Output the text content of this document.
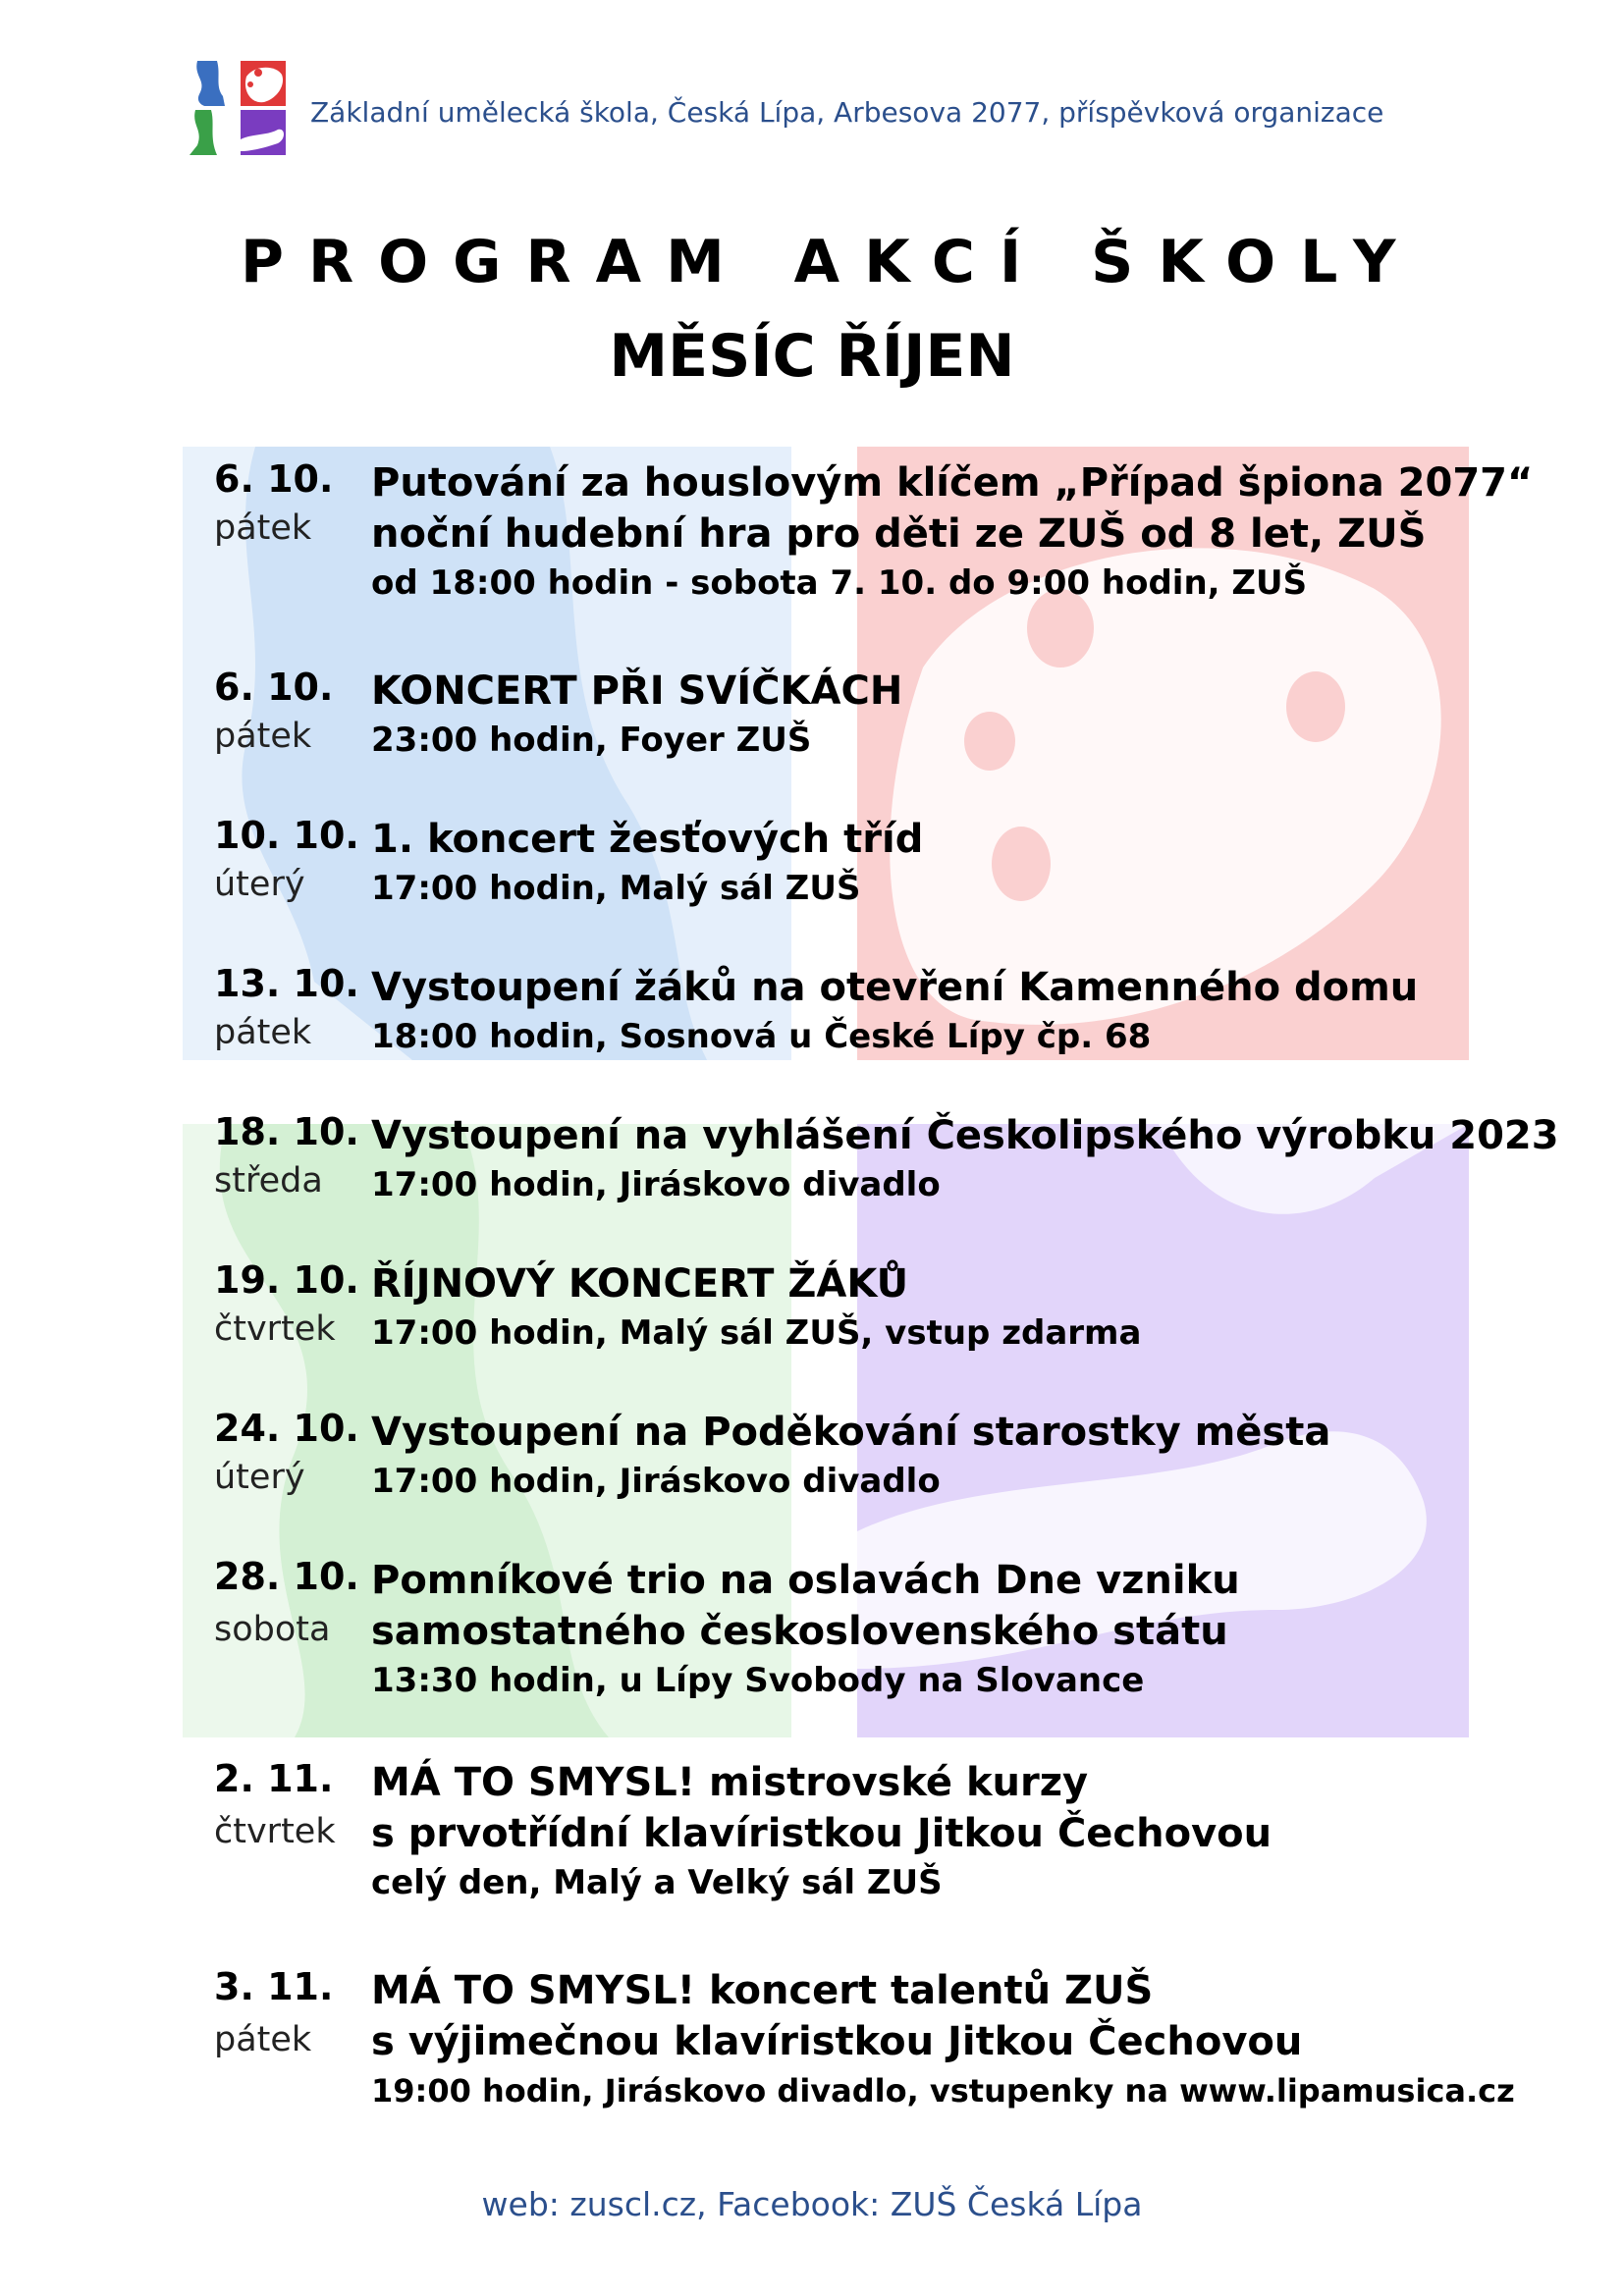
Základní umělecká škola, Česká Lípa, Arbesova 2077, příspěvková organizace
PROGRAM AKCÍ ŠKOLY
MĚSÍC ŘÍJEN
6. 10.
pátek
Putování za houslovým klíčem „Případ špiona 2077“
noční hudební hra pro děti ze ZUŠ od 8 let, ZUŠ
od 18:00 hodin - sobota 7. 10. do 9:00 hodin, ZUŠ
6. 10.
pátek
KONCERT PŘI SVÍČKÁCH
23:00 hodin, Foyer ZUŠ
10. 10.
úterý
1. koncert žesťových tříd
17:00 hodin, Malý sál ZUŠ
13. 10.
pátek
Vystoupení žáků na otevření Kamenného domu
18:00 hodin, Sosnová u České Lípy čp. 68
18. 10.
středa
Vystoupení na vyhlášení Českolipského výrobku 2023
17:00 hodin, Jiráskovo divadlo
19. 10.
čtvrtek
ŘÍJNOVÝ KONCERT ŽÁKŮ
17:00 hodin, Malý sál ZUŠ, vstup zdarma
24. 10.
úterý
Vystoupení na Poděkování starostky města
17:00 hodin, Jiráskovo divadlo
28. 10.
sobota
Pomníkové trio na oslavách Dne vzniku
samostatného československého státu
13:30 hodin, u Lípy Svobody na Slovance
2. 11.
čtvrtek
MÁ TO SMYSL! mistrovské kurzy
s prvotřídní klavíristkou Jitkou Čechovou
celý den, Malý a Velký sál ZUŠ
3. 11.
pátek
MÁ TO SMYSL! koncert talentů ZUŠ
s výjimečnou klavíristkou Jitkou Čechovou
19:00 hodin, Jiráskovo divadlo, vstupenky na www.lipamusica.cz
web: zuscl.cz, Facebook: ZUŠ Česká Lípa
